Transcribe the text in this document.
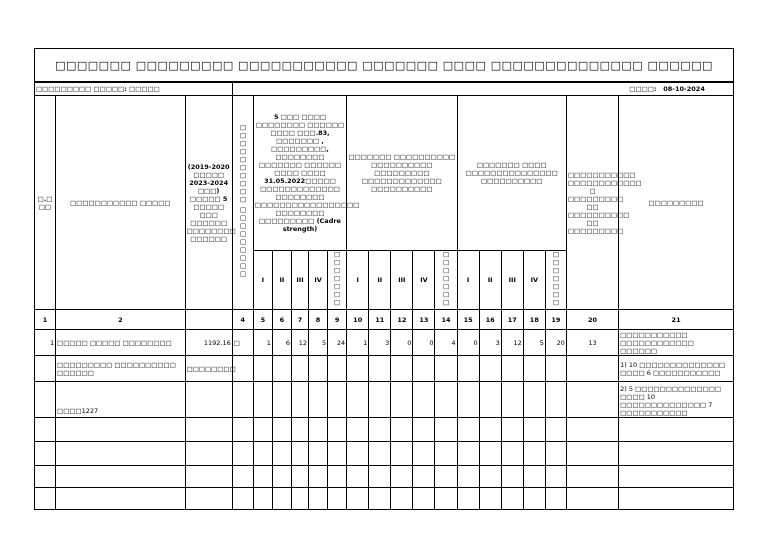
□□□□□□□ □□□□□□□□□ □□□□□□□□□□□ □□□□□□□ □□□□ □□□□□□□□□□□□□□ □□□□□□
□□□□□□□□□ □□□□□: □□□□□			□□□□: 08-10-2024																	
□.□ □□	□□□□□□□□□□□ □□□□□	(2019-2020 □□□□□ 2023-2024 □□□) □□□□□ 5 □□□□□ □□□ □□□□□□ □□□□□□□□ □□□□□□	□□□□□□□□□ □□□□□□□□□□	5 □□□ □□□□ □□□□□□□□ □□□□□□ □□□□ □□□.83, □□□□□□□ , □□□□□□□□□, □□□□□□□□ □□□□□□□ □□□□□□ □□□□ □□□□ 31.05.2022□□□□□ □□□□□□□□□□□□□ □□□□□□□□ □□□□□□□□□□□□□□□□□ □□□□□□□□ □□□□□□□□□ (Cadre strength)					□□□□□□□ □□□□□□□□□□ □□□□□□□□□□ □□□□□□□□□ □□□□□□□□□□□□□ □□□□□□□□□□					□□□□□□□ □□□□ □□□□□□□□□□□□□□□ □□□□□□□□□□					□□□□□□□□□□□ □□□□□□□□□□□□ □ □□□□□□□□□ □□ □□□□□□□□□□ □□ □□□□□□□□□	□□□□□□□□□
				I	II	III	IV	□□□□□□□	I	II	III	IV	□□□□□□□	I	II	III	IV	□□□□□□□		
1	2		4	5	6	7	8	9	10	11	12	13	14	15	16	17	18	19	20	21
1	□□□□□ □□□□□ □□□□□□□□	1192.16	□	1	6	12	5	24	1	3	0	0	4	0	3	12	5	20	13	□□□□□□□□□□□ □□□□□□□□□□□□ □□□□□□
	□□□□□□□□□ □□□□□□□□□□ □□□□□□	□□□□□□□□																		1) 10 □□□□□□□□□□□□□□ □□□□ 6 □□□□□□□□□□□
	□□□□1227																			2) 5 □□□□□□□□□□□□□□ □□□□ 10 □□□□□□□□□□□□□□ 7 □□□□□□□□□□□
